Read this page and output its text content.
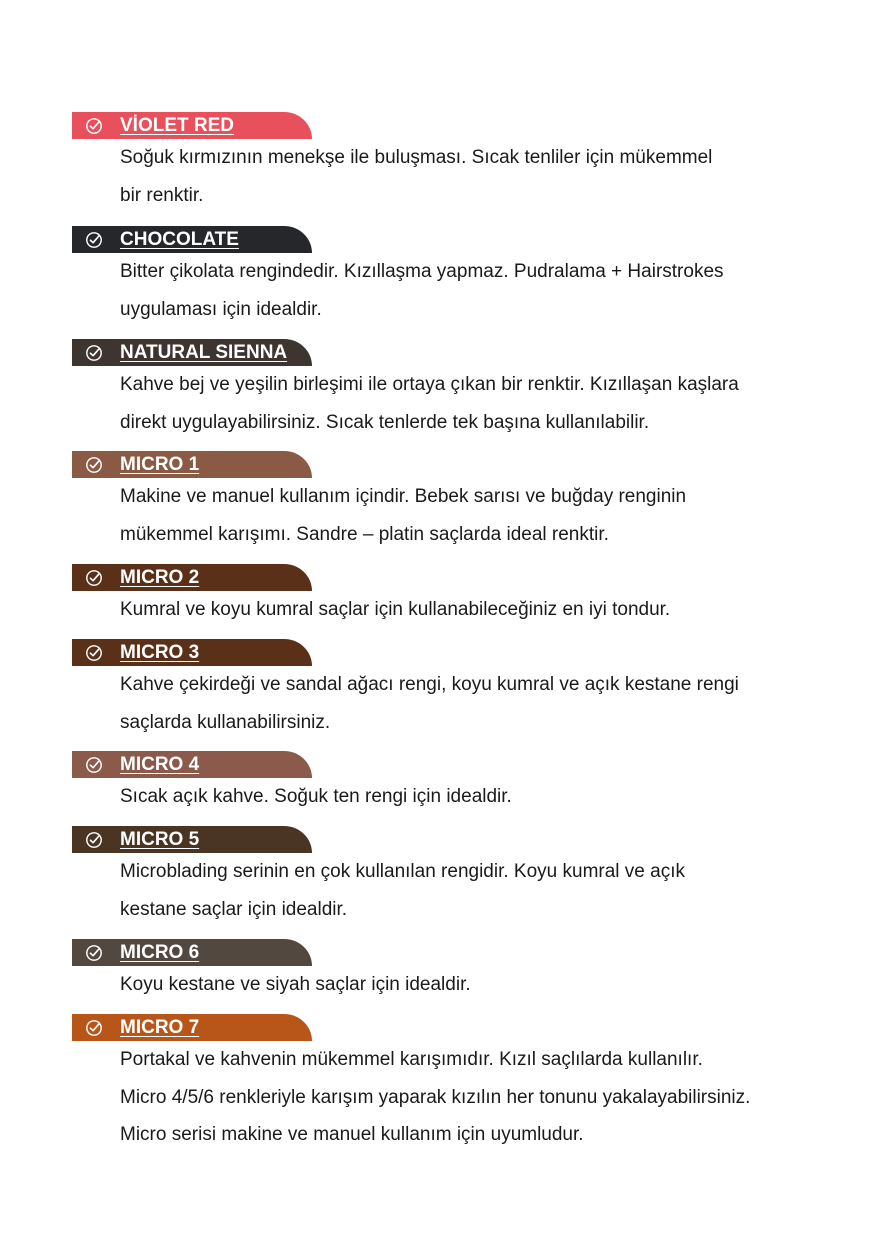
VİOLET RED

Soğuk kırmızının menekşe ile buluşması. Sıcak tenliler için mükemmel
bir renktir.

CHOCOLATE

Bitter çikolata rengindedir. Kızıllaşma yapmaz. Pudralama + Hairstrokes
uygulaması için idealdir.

NATURAL SIENNA

Kahve bej ve yeşilin birleşimi ile ortaya çıkan bir renktir. Kızıllaşan kaşlara
direkt uygulayabilirsiniz. Sıcak tenlerde tek başına kullanılabilir.

MICRO 1

Makine ve manuel kullanım içindir. Bebek sarısı ve buğday renginin
mükemmel karışımı. Sandre – platin saçlarda ideal renktir.

MICRO 2

Kumral ve koyu kumral saçlar için kullanabileceğiniz en iyi tondur.

MICRO 3

Kahve çekirdeği ve sandal ağacı rengi, koyu kumral ve açık kestane rengi
saçlarda kullanabilirsiniz.

MICRO 4

Sıcak açık kahve. Soğuk ten rengi için idealdir.

MICRO 5

Microblading serinin en çok kullanılan rengidir. Koyu kumral ve açık
kestane saçlar için idealdir.

MICRO 6

Koyu kestane ve siyah saçlar için idealdir.

MICRO 7

Portakal ve kahvenin mükemmel karışımıdır. Kızıl saçlılarda kullanılır.
Micro 4/5/6 renkleriyle karışım yaparak kızılın her tonunu yakalayabilirsiniz.
Micro serisi makine ve manuel kullanım için uyumludur.
